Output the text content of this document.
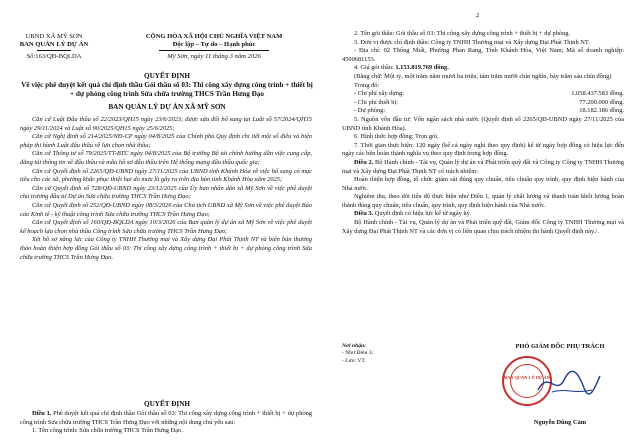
UBND XÃ MỸ SƠN
BAN QUẢN LÝ DỰ ÁN
Số:163/QĐ-BQLDA
CỘNG HÒA XÃ HỘI CHỦ NGHĨA VIỆT NAM
Độc lập – Tự do – Hạnh phúc
Mỹ Sơn, ngày 11 tháng 3 năm 2026
QUYẾT ĐỊNH
Về việc phê duyệt kết quả chỉ định thầu Gói thầu số 03: Thi công xây dựng công trình + thiết bị + dự phòng công trình Sửa chữa trường THCS Trần Hưng Đạo
BAN QUẢN LÝ DỰ ÁN XÃ MỸ SƠN

Căn cứ Luật Đấu thầu số 22/2023/QH15 ngày 23/6/2023; được sửa đổi bổ sung tại Luật số 57/2024/QH15 ngày 29/11/2024 và Luật số 90/2025/QH15 ngày 25/6/2025;

Căn cứ Nghị định số 214/2025/NĐ-CP ngày 04/8/2025 của Chính phủ Quy định chi tiết một số điều và biện pháp thi hành Luật đấu thầu về lựa chọn nhà thầu;

Căn cứ Thông tư số 79/2025/TT-BTC ngày 04/8/2025 của Bộ trưởng Bộ tài chính hướng dẫn việc cung cấp, đăng tải thông tin về đấu thầu và mẫu hồ sơ đấu thầu trên Hệ thống mạng đấu thầu quốc gia;

Căn cứ Quyết định số 2265/QĐ-UBND ngày 27/11/2025 của UBND tỉnh Khánh Hòa về việc bổ sung có mục tiêu cho các xã, phường khắc phục thiệt hại do mưa lũ gây ra trên địa bàn tỉnh Khánh Hòa năm 2025;

Căn cứ Quyết định số 728/QĐ-UBND ngày 23/12/2025 của Ủy ban nhân dân xã Mỹ Sơn về việc phê duyệt chủ trương đầu tư Dự án Sửa chữa trường THCS Trần Hưng Đạo;

Căn cứ Quyết định số 252/QĐ-UBND ngày 08/3/2026 của Chủ tịch UBND xã Mỹ Sơn về việc phê duyệt Báo cáo Kinh tế - kỹ thuật công trình Sửa chữa trường THCS Trần Hưng Đạo;

Căn cứ Quyết định số 160/QĐ-BQLDA ngày 10/3/2026 của Ban quản lý dự án xã Mỹ Sơn về việc phê duyệt kế hoạch lựa chọn nhà thầu Công trình Sửa chữa trường THCS Trần Hưng Đạo;

Xét hồ sơ năng lực của Công ty TNHH Thương mại và Xây dựng Đại Phát Thịnh NT và biên bản thương thảo hoàn thiện hợp đồng Gói thầu số 03: Thi công xây dựng công trình + thiết bị + dự phòng công trình Sửa chữa trường THCS Trần Hưng Đạo.

QUYẾT ĐỊNH

Điều 1. Phê duyệt kết quả chỉ định thầu Gói thầu số 03: Thi công xây dựng công trình + thiết bị + dự phòng công trình Sửa chữa trường THCS Trần Hưng Đạo với những nội dung chủ yếu sau:

1. Tên công trình: Sửa chữa trường THCS Trần Hưng Đạo.

2

2. Tên gói thầu: Gói thầu số 03: Thi công xây dựng công trình + thiết bị + dự phòng.

3. Đơn vị được chỉ định thầu: Công ty TNHH Thương mại và Xây dựng Đại Phát Thịnh NT.

- Địa chỉ: 02 Thống Nhất, Phường Phan Rang, Tỉnh Khánh Hòa, Việt Nam; Mã số doanh nghiệp: 4500681153.

4. Giá gói thầu: 1.153.819.769 đồng.

(Bằng chữ: Một tỷ, một trăm năm mươi ba triệu, tám trăm mười chín nghìn, bảy trăm sáu chín đồng)

Trong đó:

- Chi phí xây dựng:	1.058.437.583 đồng.
- Chi phí thiết bị:	77.200.000 đồng.
- Dự phòng:	18.182.186 đồng.

5. Nguồn vốn đầu tư: Vốn ngân sách nhà nước (Quyết định số 2265/QĐ-UBND ngày 27/11/2025 của UBND tỉnh Khánh Hòa).

6. Hình thức hợp đồng: Trọn gói.

7. Thời gian thực hiện: 120 ngày (kể cả ngày nghỉ theo quy định) kể từ ngày hợp đồng có hiệu lực đến ngày các bên hoàn thành nghĩa vụ theo quy định trong hợp đồng.

Điều 2. Bộ Hành chính - Tài vụ, Quản lý dự án và Phát triển quỹ đất và Công ty Công ty TNHH Thương mại và Xây dựng Đại Phát Thịnh NT có trách nhiệm:

Hoàn thiện hợp đồng, tổ chức giám sát đúng quy chuẩn, tiêu chuẩn quy trình, quy định hiện hành của Nhà nước.

Nghiêm thu, theo dõi tiến độ thực hiện như Điều 1, quản lý chất lượng và thanh toán khối lượng hoàn thành đúng quy chuẩn, tiêu chuẩn, quy trình, quy định hiện hành của Nhà nước.

Điều 3. Quyết định có hiệu lực kể từ ngày ký.

Bộ Hành chính - Tài vụ, Quản lý dự án và Phát triển quỹ đất, Giám đốc Công ty TNHH Thương mại và Xây dựng Đại Phát Thịnh NT và các đơn vị có liên quan chịu trách nhiệm thi hành Quyết định này./.

Nơi nhận:
- Như Điều 3;
- Lưu: VT.
PHÓ GIÁM ĐỐC PHỤ TRÁCH
BAN QUẢN LÝ DỰ ÁN
Nguyễn Dũng Cảm
